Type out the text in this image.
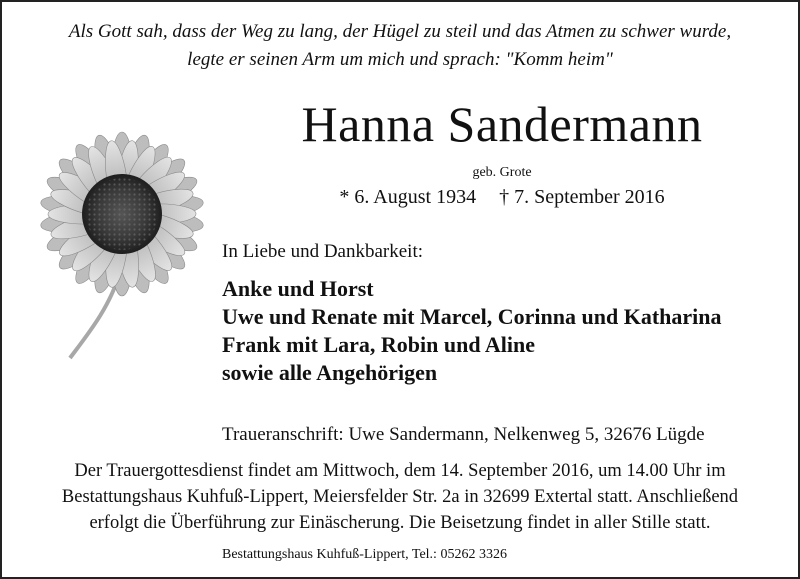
Als Gott sah, dass der Weg zu lang, der Hügel zu steil und das Atmen zu schwer wurde,
legte er seinen Arm um mich und sprach: "Komm heim"
Hanna Sandermann
geb. Grote
* 6. August 1934 † 7. September 2016
In Liebe und Dankbarkeit:
Anke und Horst
Uwe und Renate mit Marcel, Corinna und Katharina
Frank mit Lara, Robin und Aline
sowie alle Angehörigen
Traueranschrift: Uwe Sandermann, Nelkenweg 5, 32676 Lügde
Der Trauergottesdienst findet am Mittwoch, dem 14. September 2016, um 14.00 Uhr im
Bestattungshaus Kuhfuß-Lippert, Meiersfelder Str. 2a in 32699 Extertal statt. Anschließend
erfolgt die Überführung zur Einäscherung. Die Beisetzung findet in aller Stille statt.
Bestattungshaus Kuhfuß-Lippert, Tel.: 05262 3326
